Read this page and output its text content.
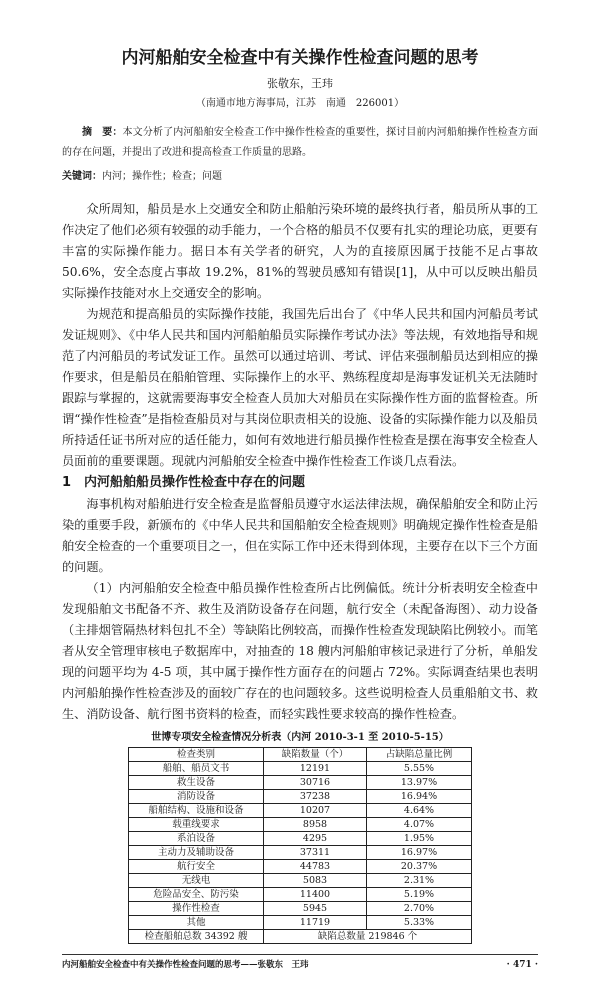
内河船舶安全检查中有关操作性检查问题的思考
张敬东，王玮
（南通市地方海事局，江苏　南通　226001）
摘　要：本文分析了内河船舶安全检查工作中操作性检查的重要性，探讨目前内河船舶操作性检查方面的存在问题，并提出了改进和提高检查工作质量的思路。
关键词：内河；操作性；检查；问题

众所周知，船员是水上交通安全和防止船舶污染环境的最终执行者，船员所从事的工作决定了他们必须有较强的动手能力，一个合格的船员不仅要有扎实的理论功底，更要有丰富的实际操作能力。据日本有关学者的研究，人为的直接原因属于技能不足占事故 50.6%，安全态度占事故 19.2%，81%的驾驶员感知有错误[1]，从中可以反映出船员实际操作技能对水上交通安全的影响。

为规范和提高船员的实际操作技能，我国先后出台了《中华人民共和国内河船员考试发证规则》、《中华人民共和国内河船舶船员实际操作考试办法》等法规，有效地指导和规范了内河船员的考试发证工作。虽然可以通过培训、考试、评估来强制船员达到相应的操作要求，但是船员在船舶管理、实际操作上的水平、熟练程度却是海事发证机关无法随时跟踪与掌握的，这就需要海事安全检查人员加大对船员在实际操作性方面的监督检查。所谓“操作性检查”是指检查船员对与其岗位职责相关的设施、设备的实际操作能力以及船员所持适任证书所对应的适任能力，如何有效地进行船员操作性检查是摆在海事安全检查人员面前的重要课题。现就内河船舶安全检查中操作性检查工作谈几点看法。

1　内河船舶船员操作性检查中存在的问题

海事机构对船舶进行安全检查是监督船员遵守水运法律法规，确保船舶安全和防止污染的重要手段，新颁布的《中华人民共和国船舶安全检查规则》明确规定操作性检查是船舶安全检查的一个重要项目之一，但在实际工作中还未得到体现，主要存在以下三个方面的问题。

（1）内河船舶安全检查中船员操作性检查所占比例偏低。统计分析表明安全检查中发现船舶文书配备不齐、救生及消防设备存在问题，航行安全（未配备海图）、动力设备（主排烟管隔热材料包扎不全）等缺陷比例较高，而操作性检查发现缺陷比例较小。而笔者从安全管理审核电子数据库中，对抽查的 18 艘内河船舶审核记录进行了分析，单船发现的问题平均为 4-5 项，其中属于操作性方面存在的问题占 72%。实际调查结果也表明内河船舶操作性检查涉及的面较广存在的也问题较多。这些说明检查人员重船舶文书、救生、消防设备、航行图书资料的检查，而轻实践性要求较高的操作性检查。

世博专项安全检查情况分析表（内河 2010-3-1 至 2010-5-15）
检查类别	缺陷数量（个）	占缺陷总量比例
船舶、船员文书	12191	5.55%
救生设备	30716	13.97%
消防设备	37238	16.94%
船舶结构、设施和设备	10207	4.64%
载重线要求	8958	4.07%
系泊设备	4295	1.95%
主动力及辅助设备	37311	16.97%
航行安全	44783	20.37%
无线电	5083	2.31%
危险品安全、防污染	11400	5.19%
操作性检查	5945	2.70%
其他	11719	5.33%
检查船舶总数 34392 艘	缺陷总数量 219846 个	
内河船舶安全检查中有关操作性检查问题的思考——张敬东　王玮	· 471 ·
